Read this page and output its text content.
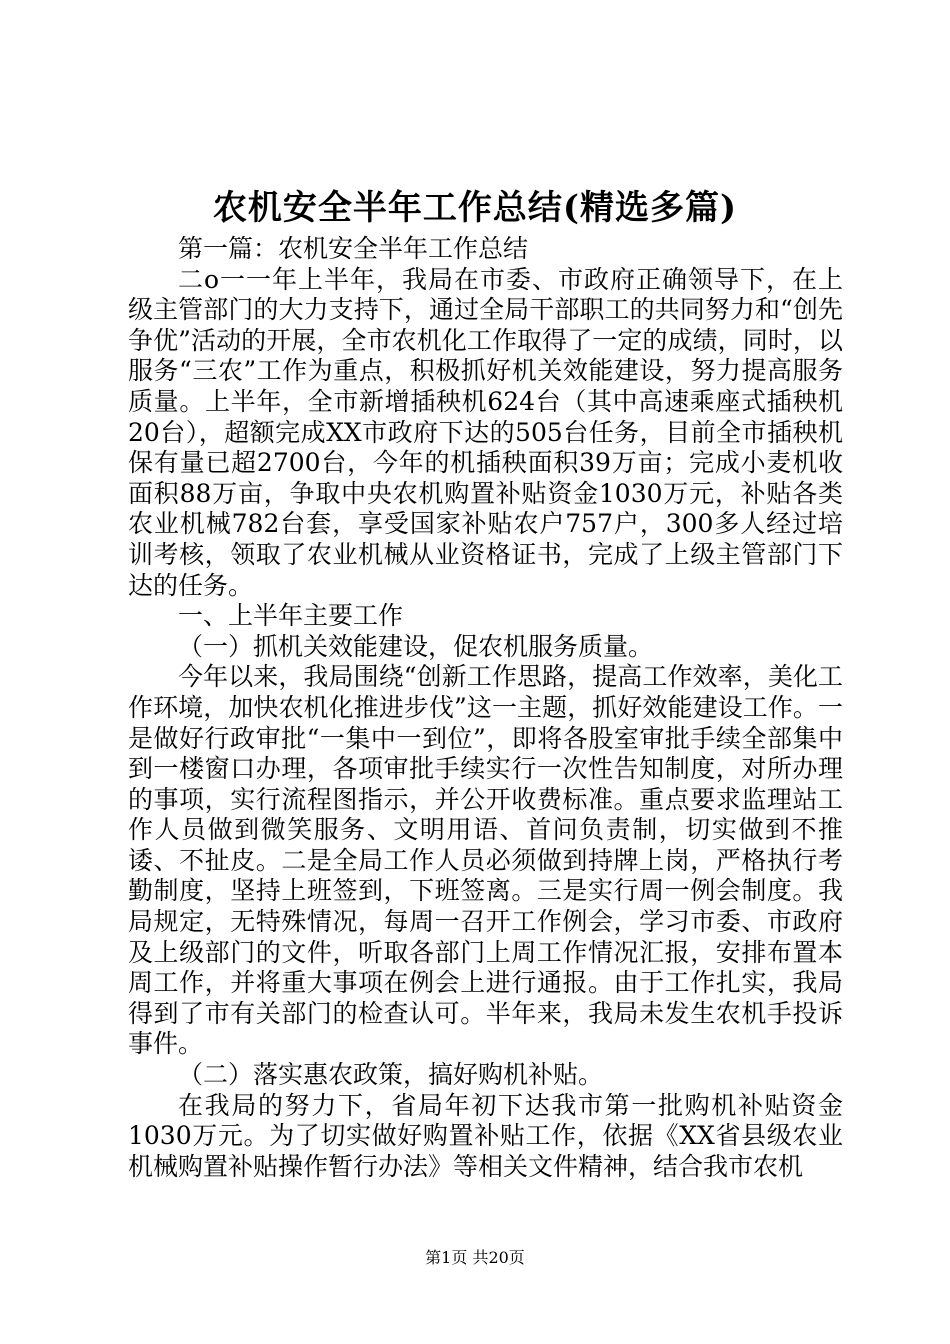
农机安全半年工作总结(精选多篇)

第一篇：农机安全半年工作总结

二o一一年上半年，我局在市委、市政府正确领导下，在上级主管部门的大力支持下，通过全局干部职工的共同努力和“创先争优”活动的开展，全市农机化工作取得了一定的成绩，同时，以服务“三农”工作为重点，积极抓好机关效能建设，努力提高服务质量。上半年，全市新增插秧机624台（其中高速乘座式插秧机20台），超额完成XX市政府下达的505台任务，目前全市插秧机保有量已超2700台，今年的机插秧面积39万亩；完成小麦机收面积88万亩，争取中央农机购置补贴资金1030万元，补贴各类农业机械782台套，享受国家补贴农户757户，300多人经过培训考核，领取了农业机械从业资格证书，完成了上级主管部门下达的任务。

一、上半年主要工作

（一）抓机关效能建设，促农机服务质量。

今年以来，我局围绕“创新工作思路，提高工作效率，美化工作环境，加快农机化推进步伐”这一主题，抓好效能建设工作。一是做好行政审批“一集中一到位”，即将各股室审批手续全部集中到一楼窗口办理，各项审批手续实行一次性告知制度，对所办理的事项，实行流程图指示，并公开收费标准。重点要求监理站工作人员做到微笑服务、文明用语、首问负责制，切实做到不推诿、不扯皮。二是全局工作人员必须做到持牌上岗，严格执行考勤制度，坚持上班签到，下班签离。三是实行周一例会制度。我局规定，无特殊情况，每周一召开工作例会，学习市委、市政府及上级部门的文件，听取各部门上周工作情况汇报，安排布置本周工作，并将重大事项在例会上进行通报。由于工作扎实，我局得到了市有关部门的检查认可。半年来，我局未发生农机手投诉事件。

（二）落实惠农政策，搞好购机补贴。

在我局的努力下，省局年初下达我市第一批购机补贴资金1030万元。为了切实做好购置补贴工作，依据《XX省县级农业机械购置补贴操作暂行办法》等相关文件精神，结合我市农机

第1页 共20页
